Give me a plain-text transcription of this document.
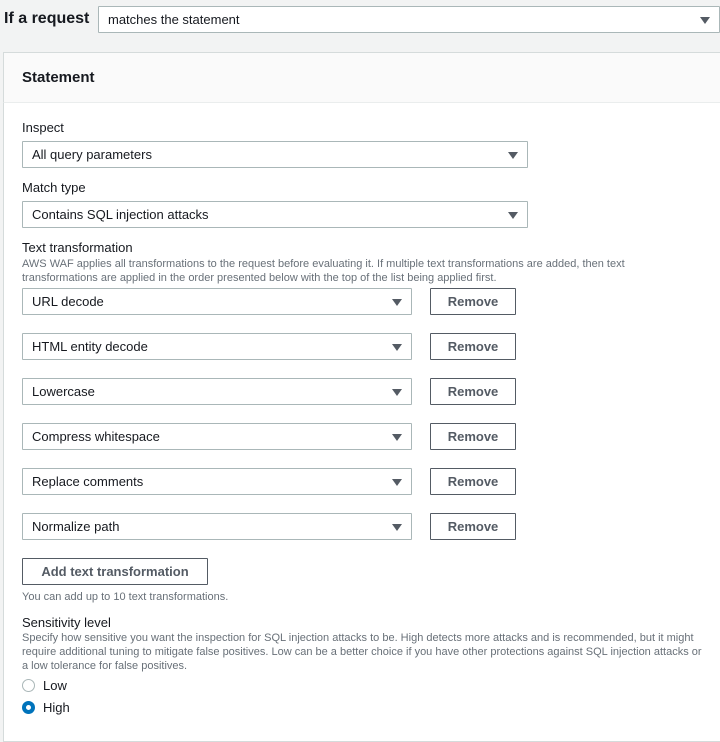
If a request matches the statement
Statement
Inspect
All query parameters
Match type
Contains SQL injection attacks
Text transformation
AWS WAF applies all transformations to the request before evaluating it. If multiple text transformations are added, then text transformations are applied in the order presented below with the top of the list being applied first.
URL decode	Remove
HTML entity decode	Remove
Lowercase	Remove
Compress whitespace	Remove
Replace comments	Remove
Normalize path	Remove
Add text transformation
You can add up to 10 text transformations.
Sensitivity level
Specify how sensitive you want the inspection for SQL injection attacks to be. High detects more attacks and is recommended, but it might require additional tuning to mitigate false positives. Low can be a better choice if you have other protections against SQL injection attacks or a low tolerance for false positives.
Low
High
